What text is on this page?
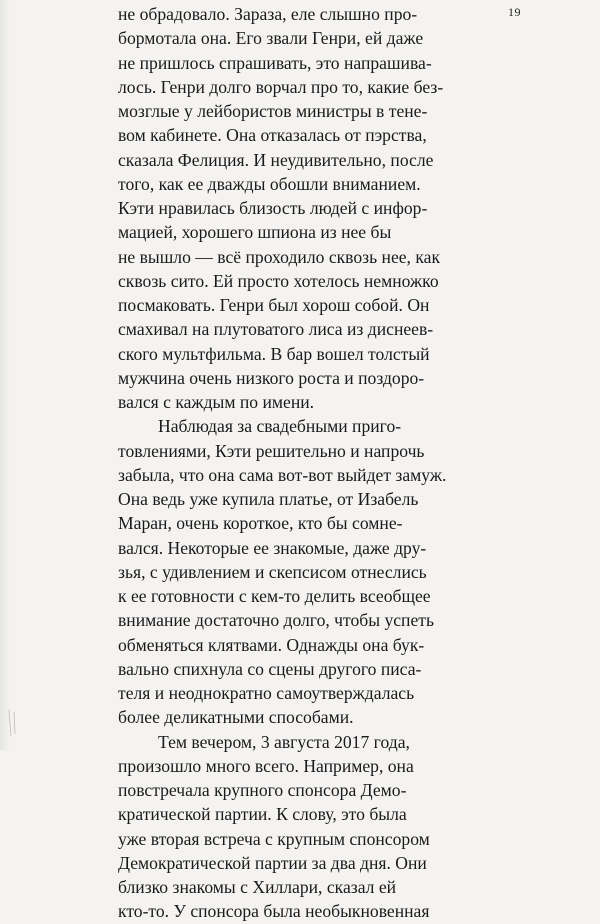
19
не обрадовало. Зараза, еле слышно про-
бормотала она. Его звали Генри, ей даже
не пришлось спрашивать, это напрашива-
лось. Генри долго ворчал про то, какие без-
мозглые у лейбористов министры в тене-
вом кабинете. Она отказалась от пэрства,
сказала Фелиция. И неудивительно, после
того, как ее дважды обошли вниманием.
Кэти нравилась близость людей с инфор-
мацией, хорошего шпиона из нее бы
не вышло — всё проходило сквозь нее, как
сквозь сито. Ей просто хотелось немножко
посмаковать. Генри был хорош собой. Он
смахивал на плутоватого лиса из диснеев-
ского мультфильма. В бар вошел толстый
мужчина очень низкого роста и поздоро-
вался с каждым по имени.
Наблюдая за свадебными приго-
товлениями, Кэти решительно и напрочь
забыла, что она сама вот-вот выйдет замуж.
Она ведь уже купила платье, от Изабель
Маран, очень короткое, кто бы сомне-
вался. Некоторые ее знакомые, даже дру-
зья, с удивлением и скепсисом отнеслись
к ее готовности с кем-то делить всеобщее
внимание достаточно долго, чтобы успеть
обменяться клятвами. Однажды она бук-
вально спихнула со сцены другого писа-
теля и неоднократно самоутверждалась
более деликатными способами.
Тем вечером, 3 августа 2017 года,
произошло много всего. Например, она
повстречала крупного спонсора Демо-
кратической партии. К слову, это была
уже вторая встреча с крупным спонсором
Демократической партии за два дня. Они
близко знакомы с Хиллари, сказал ей
кто-то. У спонсора была необыкновенная
